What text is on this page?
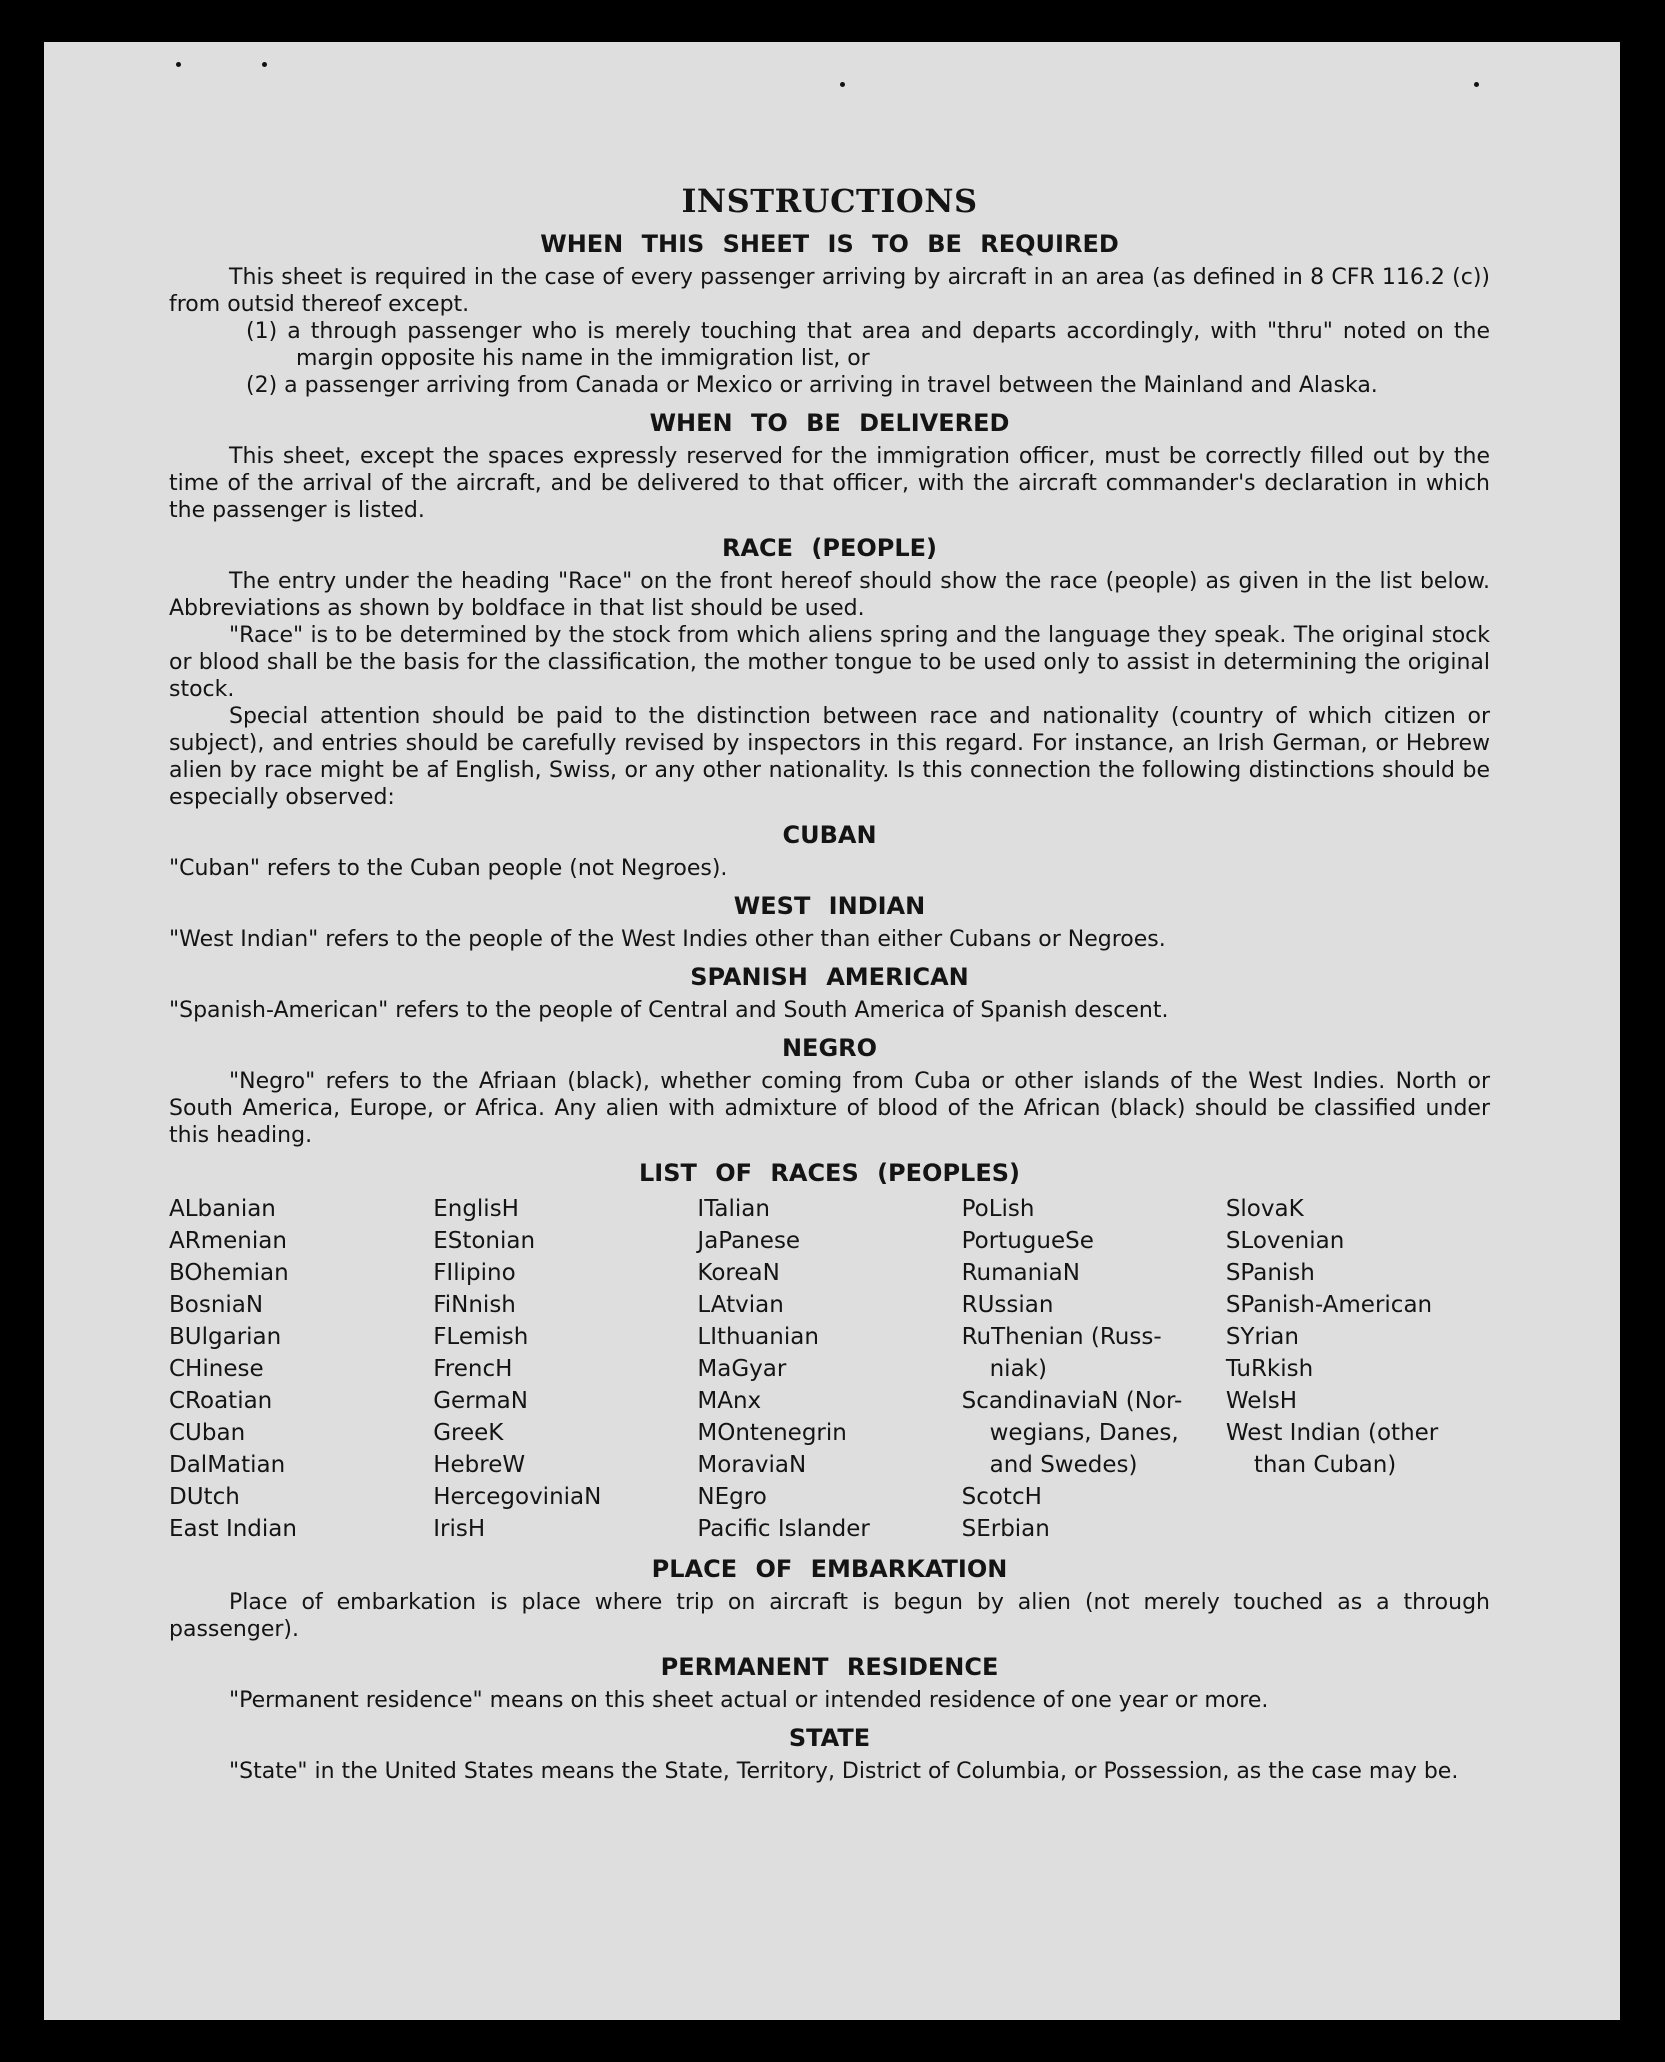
INSTRUCTIONS
WHEN THIS SHEET IS TO BE REQUIRED

This sheet is required in the case of every passenger arriving by aircraft in an area (as defined in 8 CFR 116.2 (c)) from outsid thereof except.

(1) a through passenger who is merely touching that area and departs accordingly, with "thru" noted on the margin opposite his name in the immigration list, or
(2) a passenger arriving from Canada or Mexico or arriving in travel between the Mainland and Alaska.
WHEN TO BE DELIVERED

This sheet, except the spaces expressly reserved for the immigration officer, must be correctly filled out by the time of the arrival of the aircraft, and be delivered to that officer, with the aircraft commander's declaration in which the passenger is listed.

RACE (PEOPLE)

The entry under the heading "Race" on the front hereof should show the race (people) as given in the list below. Abbreviations as shown by boldface in that list should be used.

"Race" is to be determined by the stock from which aliens spring and the language they speak. The original stock or blood shall be the basis for the classification, the mother tongue to be used only to assist in determining the original stock.

Special attention should be paid to the distinction between race and nationality (country of which citizen or subject), and entries should be carefully revised by inspectors in this regard. For instance, an Irish German, or Hebrew alien by race might be af English, Swiss, or any other nationality. Is this connection the following distinctions should be especially observed:

CUBAN

"Cuban" refers to the Cuban people (not Negroes).

WEST INDIAN

"West Indian" refers to the people of the West Indies other than either Cubans or Negroes.

SPANISH AMERICAN

"Spanish-American" refers to the people of Central and South America of Spanish descent.

NEGRO

"Negro" refers to the Afriaan (black), whether coming from Cuba or other islands of the West Indies. North or South America, Europe, or Africa. Any alien with admixture of blood of the African (black) should be classified under this heading.

LIST OF RACES (PEOPLES)
ALbanian
ARmenian
BOhemian
BosniaN
BUlgarian
CHinese
CRoatian
CUban
DalMatian
DUtch
East Indian
EnglisH
EStonian
FIlipino
FiNnish
FLemish
FrencH
GermaN
GreeK
HebreW
HercegoviniaN
IrisH
ITalian
JaPanese
KoreaN
LAtvian
LIthuanian
MaGyar
MAnx
MOntenegrin
MoraviaN
NEgro
Pacific Islander
PoLish
PortugueSe
RumaniaN
RUssian
RuThenian (Russ-
niak)
ScandinaviaN (Nor-
wegians, Danes,
and Swedes)
ScotcH
SErbian
SlovaK
SLovenian
SPanish
SPanish-American
SYrian
TuRkish
WelsH
West Indian (other
than Cuban)
PLACE OF EMBARKATION

Place of embarkation is place where trip on aircraft is begun by alien (not merely touched as a through passenger).

PERMANENT RESIDENCE

"Permanent residence" means on this sheet actual or intended residence of one year or more.

STATE

"State" in the United States means the State, Territory, District of Columbia, or Possession, as the case may be.
